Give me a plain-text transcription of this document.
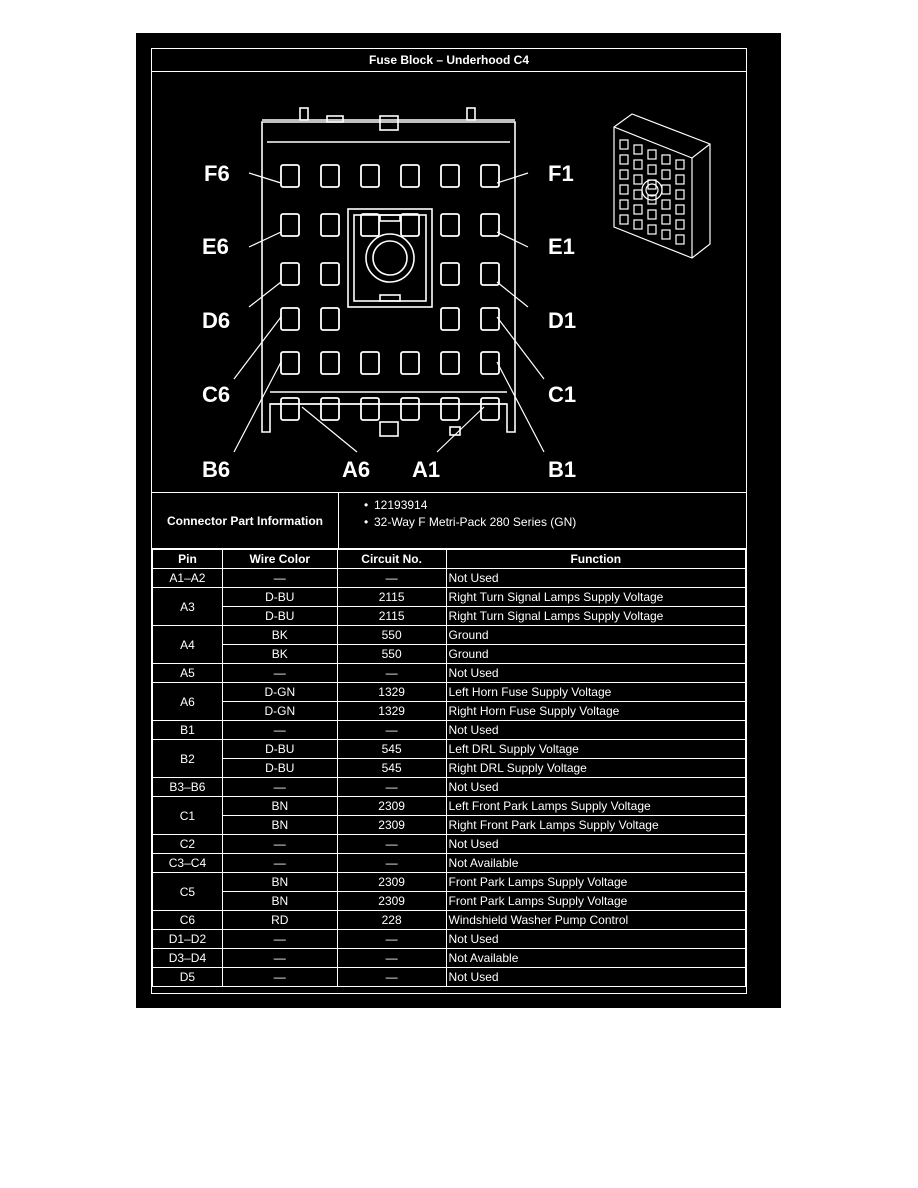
Fuse Block – Underhood C4
F6	F1
E6	E1
D6	D1
C6	C1
B6	A6 A1	B1
Connector Part Information
• 12193914
• 32-Way F Metri-Pack 280 Series (GN)
Pin	Wire Color	Circuit No.	Function
A1–A2	—	—	Not Used
A3	D-BU	2115	Right Turn Signal Lamps Supply Voltage
	D-BU	2115	Right Turn Signal Lamps Supply Voltage
A4	BK	550	Ground
	BK	550	Ground
A5	—	—	Not Used
A6	D-GN	1329	Left Horn Fuse Supply Voltage
	D-GN	1329	Right Horn Fuse Supply Voltage
B1	—	—	Not Used
B2	D-BU	545	Left DRL Supply Voltage
	D-BU	545	Right DRL Supply Voltage
B3–B6	—	—	Not Used
C1	BN	2309	Left Front Park Lamps Supply Voltage
	BN	2309	Right Front Park Lamps Supply Voltage
C2	—	—	Not Used
C3–C4	—	—	Not Available
C5	BN	2309	Front Park Lamps Supply Voltage
	BN	2309	Front Park Lamps Supply Voltage
C6	RD	228	Windshield Washer Pump Control
D1–D2	—	—	Not Used
D3–D4	—	—	Not Available
D5	—	—	Not Used
